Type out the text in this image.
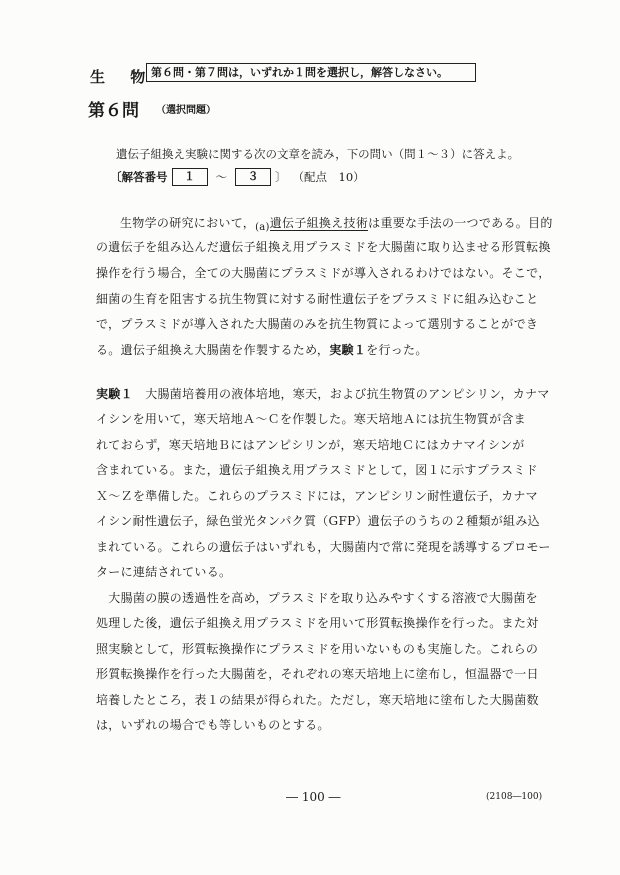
生 物
第６問・第７問は，いずれか１問を選択し，解答しなさい。
第６問 （選択問題）
遺伝子組換え実験に関する次の文章を読み，下の問い（問１〜３）に答えよ。
〔解答番号	１	〜	３	〕 （配点　10）
生物学の研究において，$_{(a)}$遺伝子組換え技術は重要な手法の一つである。目的
の遺伝子を組み込んだ遺伝子組換え用プラスミドを大腸菌に取り込ませる形質転換
操作を行う場合，全ての大腸菌にプラスミドが導入されるわけではない。そこで，
細菌の生育を阻害する抗生物質に対する耐性遺伝子をプラスミドに組み込むこと
で，プラスミドが導入された大腸菌のみを抗生物質によって選別することができ
る。遺伝子組換え大腸菌を作製するため，実験１を行った。
実験１　大腸菌培養用の液体培地，寒天，および抗生物質のアンピシリン，カナマ
イシンを用いて，寒天培地Ａ〜Ｃを作製した。寒天培地Ａには抗生物質が含ま
れておらず，寒天培地Ｂにはアンピシリンが，寒天培地Ｃにはカナマイシンが
含まれている。また，遺伝子組換え用プラスミドとして，図１に示すプラスミド
Ｘ〜Ｚを準備した。これらのプラスミドには，アンピシリン耐性遺伝子，カナマ
イシン耐性遺伝子，緑色蛍光タンパク質（GFP）遺伝子のうちの２種類が組み込
まれている。これらの遺伝子はいずれも，大腸菌内で常に発現を誘導するプロモー
ターに連結されている。
　大腸菌の膜の透過性を高め，プラスミドを取り込みやすくする溶液で大腸菌を
処理した後，遺伝子組換え用プラスミドを用いて形質転換操作を行った。また対
照実験として，形質転換操作にプラスミドを用いないものも実施した。これらの
形質転換操作を行った大腸菌を，それぞれの寒天培地上に塗布し，恒温器で一日
培養したところ，表１の結果が得られた。ただし，寒天培地に塗布した大腸菌数
は，いずれの場合でも等しいものとする。
― 100 ―	(2108―100)
